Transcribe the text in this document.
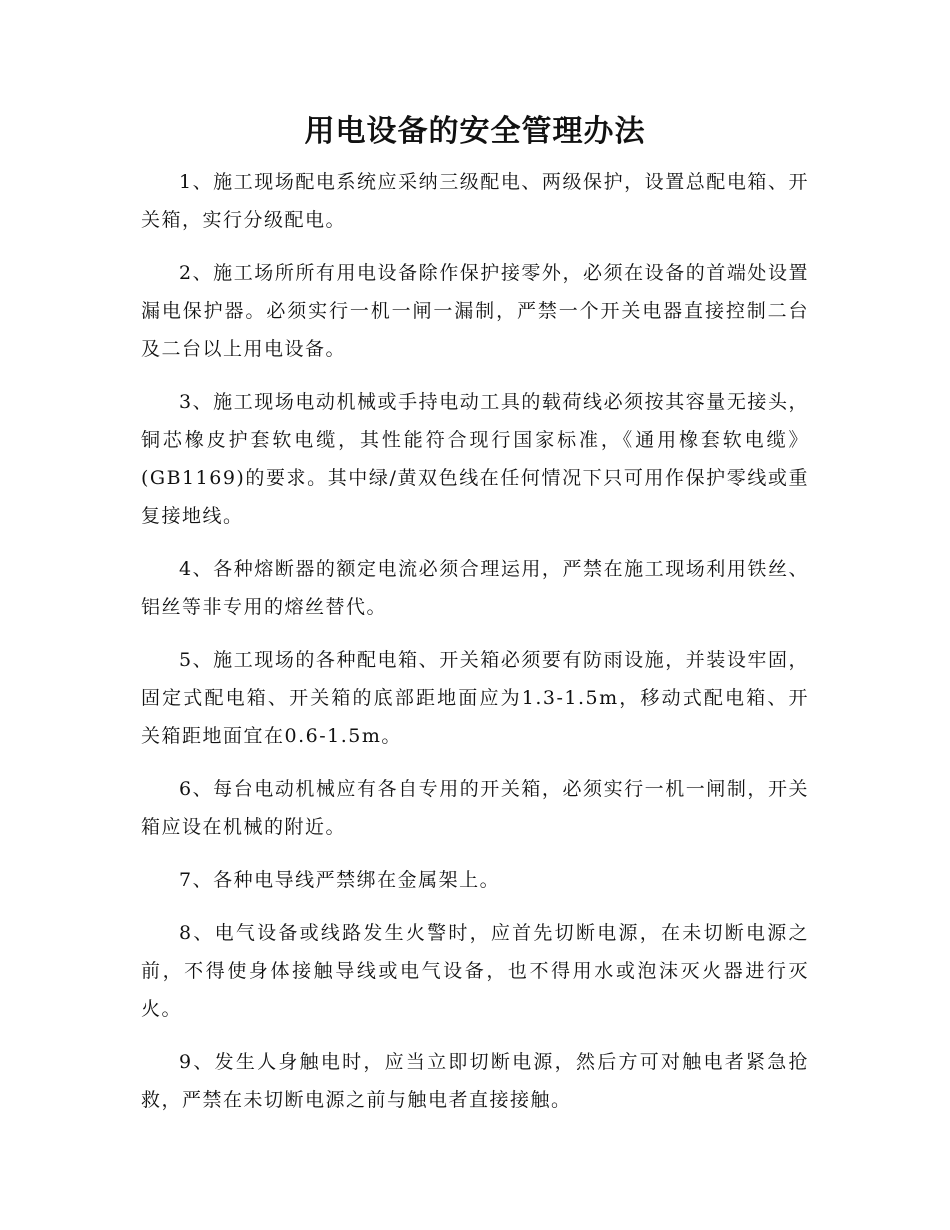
用电设备的安全管理办法

1、施工现场配电系统应采纳三级配电、两级保护，设置总配电箱、开关箱，实行分级配电。

2、施工场所所有用电设备除作保护接零外，必须在设备的首端处设置漏电保护器。必须实行一机一闸一漏制，严禁一个开关电器直接控制二台及二台以上用电设备。

3、施工现场电动机械或手持电动工具的载荷线必须按其容量无接头，铜芯橡皮护套软电缆，其性能符合现行国家标准，《通用橡套软电缆》(GB1169)的要求。其中绿/黄双色线在任何情况下只可用作保护零线或重复接地线。

4、各种熔断器的额定电流必须合理运用，严禁在施工现场利用铁丝、铝丝等非专用的熔丝替代。

5、施工现场的各种配电箱、开关箱必须要有防雨设施，并装设牢固，固定式配电箱、开关箱的底部距地面应为1.3-1.5m，移动式配电箱、开关箱距地面宜在0.6-1.5m。

6、每台电动机械应有各自专用的开关箱，必须实行一机一闸制，开关箱应设在机械的附近。

7、各种电导线严禁绑在金属架上。

8、电气设备或线路发生火警时，应首先切断电源，在未切断电源之前，不得使身体接触导线或电气设备，也不得用水或泡沫灭火器进行灭火。

9、发生人身触电时，应当立即切断电源，然后方可对触电者紧急抢救，严禁在未切断电源之前与触电者直接接触。
